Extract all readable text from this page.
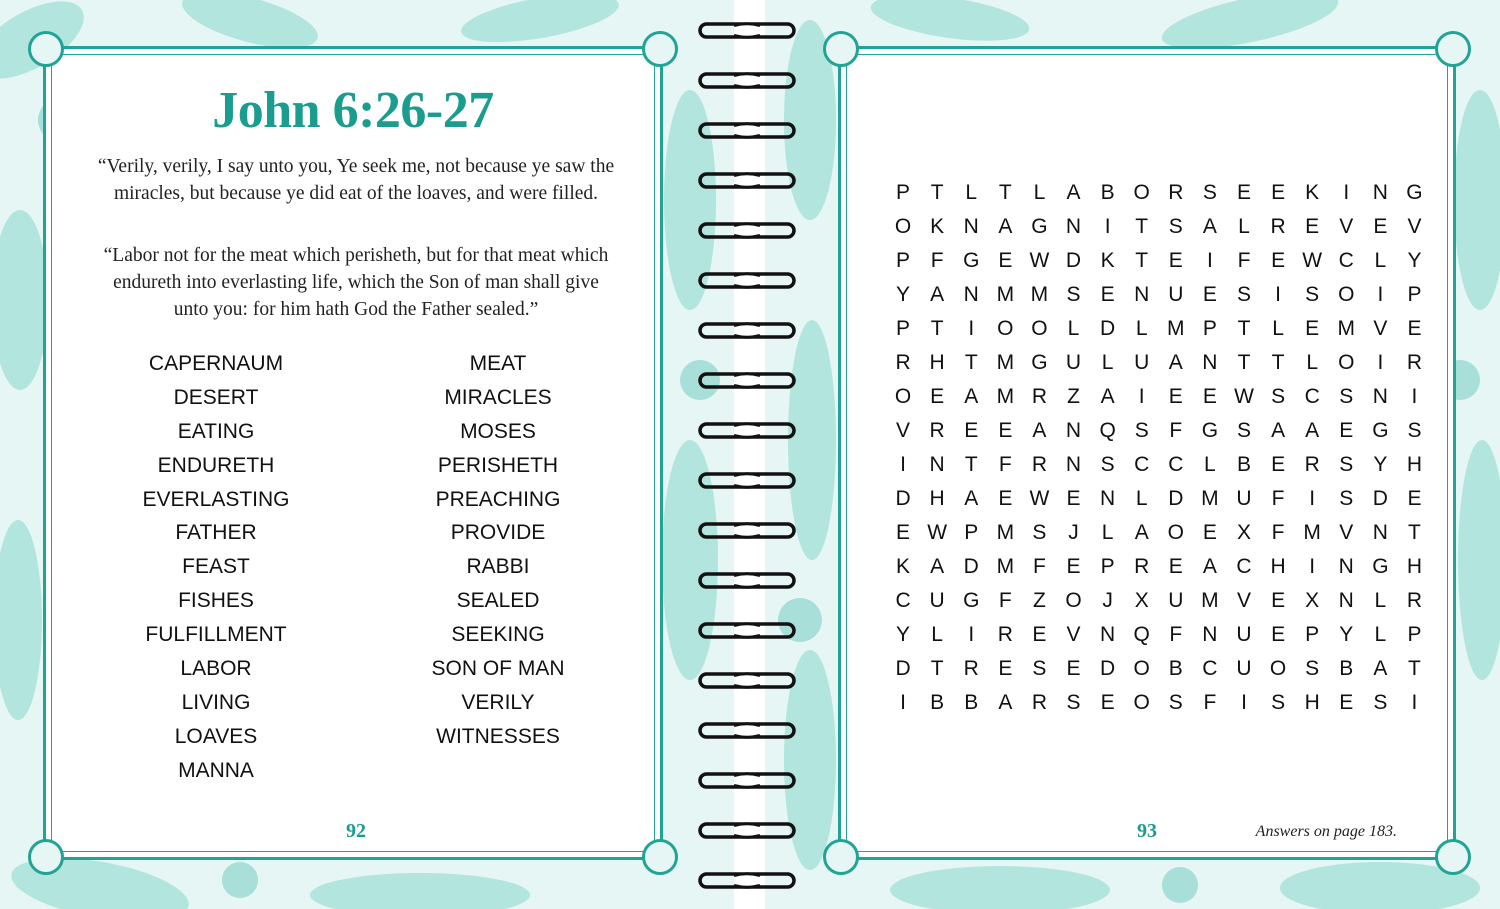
John 6:26-27

“Verily, verily, I say unto you, Ye seek me, not because ye saw the miracles, but because ye did eat of the loaves, and were filled.

“Labor not for the meat which perisheth, but for that meat which endureth into everlasting life, which the Son of man shall give unto you: for him hath God the Father sealed.”

CAPERNAUM
DESERT
EATING
ENDURETH
EVERLASTING
FATHER
FEAST
FISHES
FULFILLMENT
LABOR
LIVING
LOAVES
MANNA
MEAT
MIRACLES
MOSES
PERISHETH
PREACHING
PROVIDE
RABBI
SEALED
SEEKING
SON OF MAN
VERILY
WITNESSES
92
P T	L	T	L	A B O R S E E K	I	N G
O K N A G N	I	T S A	L R E V E V
P F G E W D K T E	I	F E W C L	Y
Y A N M M S E N U E S	I	S O	I	P
P T	I	O O L D L M P T	L	E M V E
R H T M G U L U A N T	T	L O	I	R
O E A M R Z A	I	E E W S C S N	I
V R E E A N Q S F G S A A E G S
I	N T	F R N S C C L	B E R S Y H
D H A E W E N L D M U F	I	S D E
E W P M S	J	L	A O E X F M V N T
K A D M F E P R E A C H	I	N G H
C U G F	Z O J	X U M V E X N L R
Y	L	I	R E V N Q F N U E P Y	L	P
D T R E S E D O B C U O S B A T
I	B B A R S E O S F	I	S H E S	I
93	Answers on page 183.
